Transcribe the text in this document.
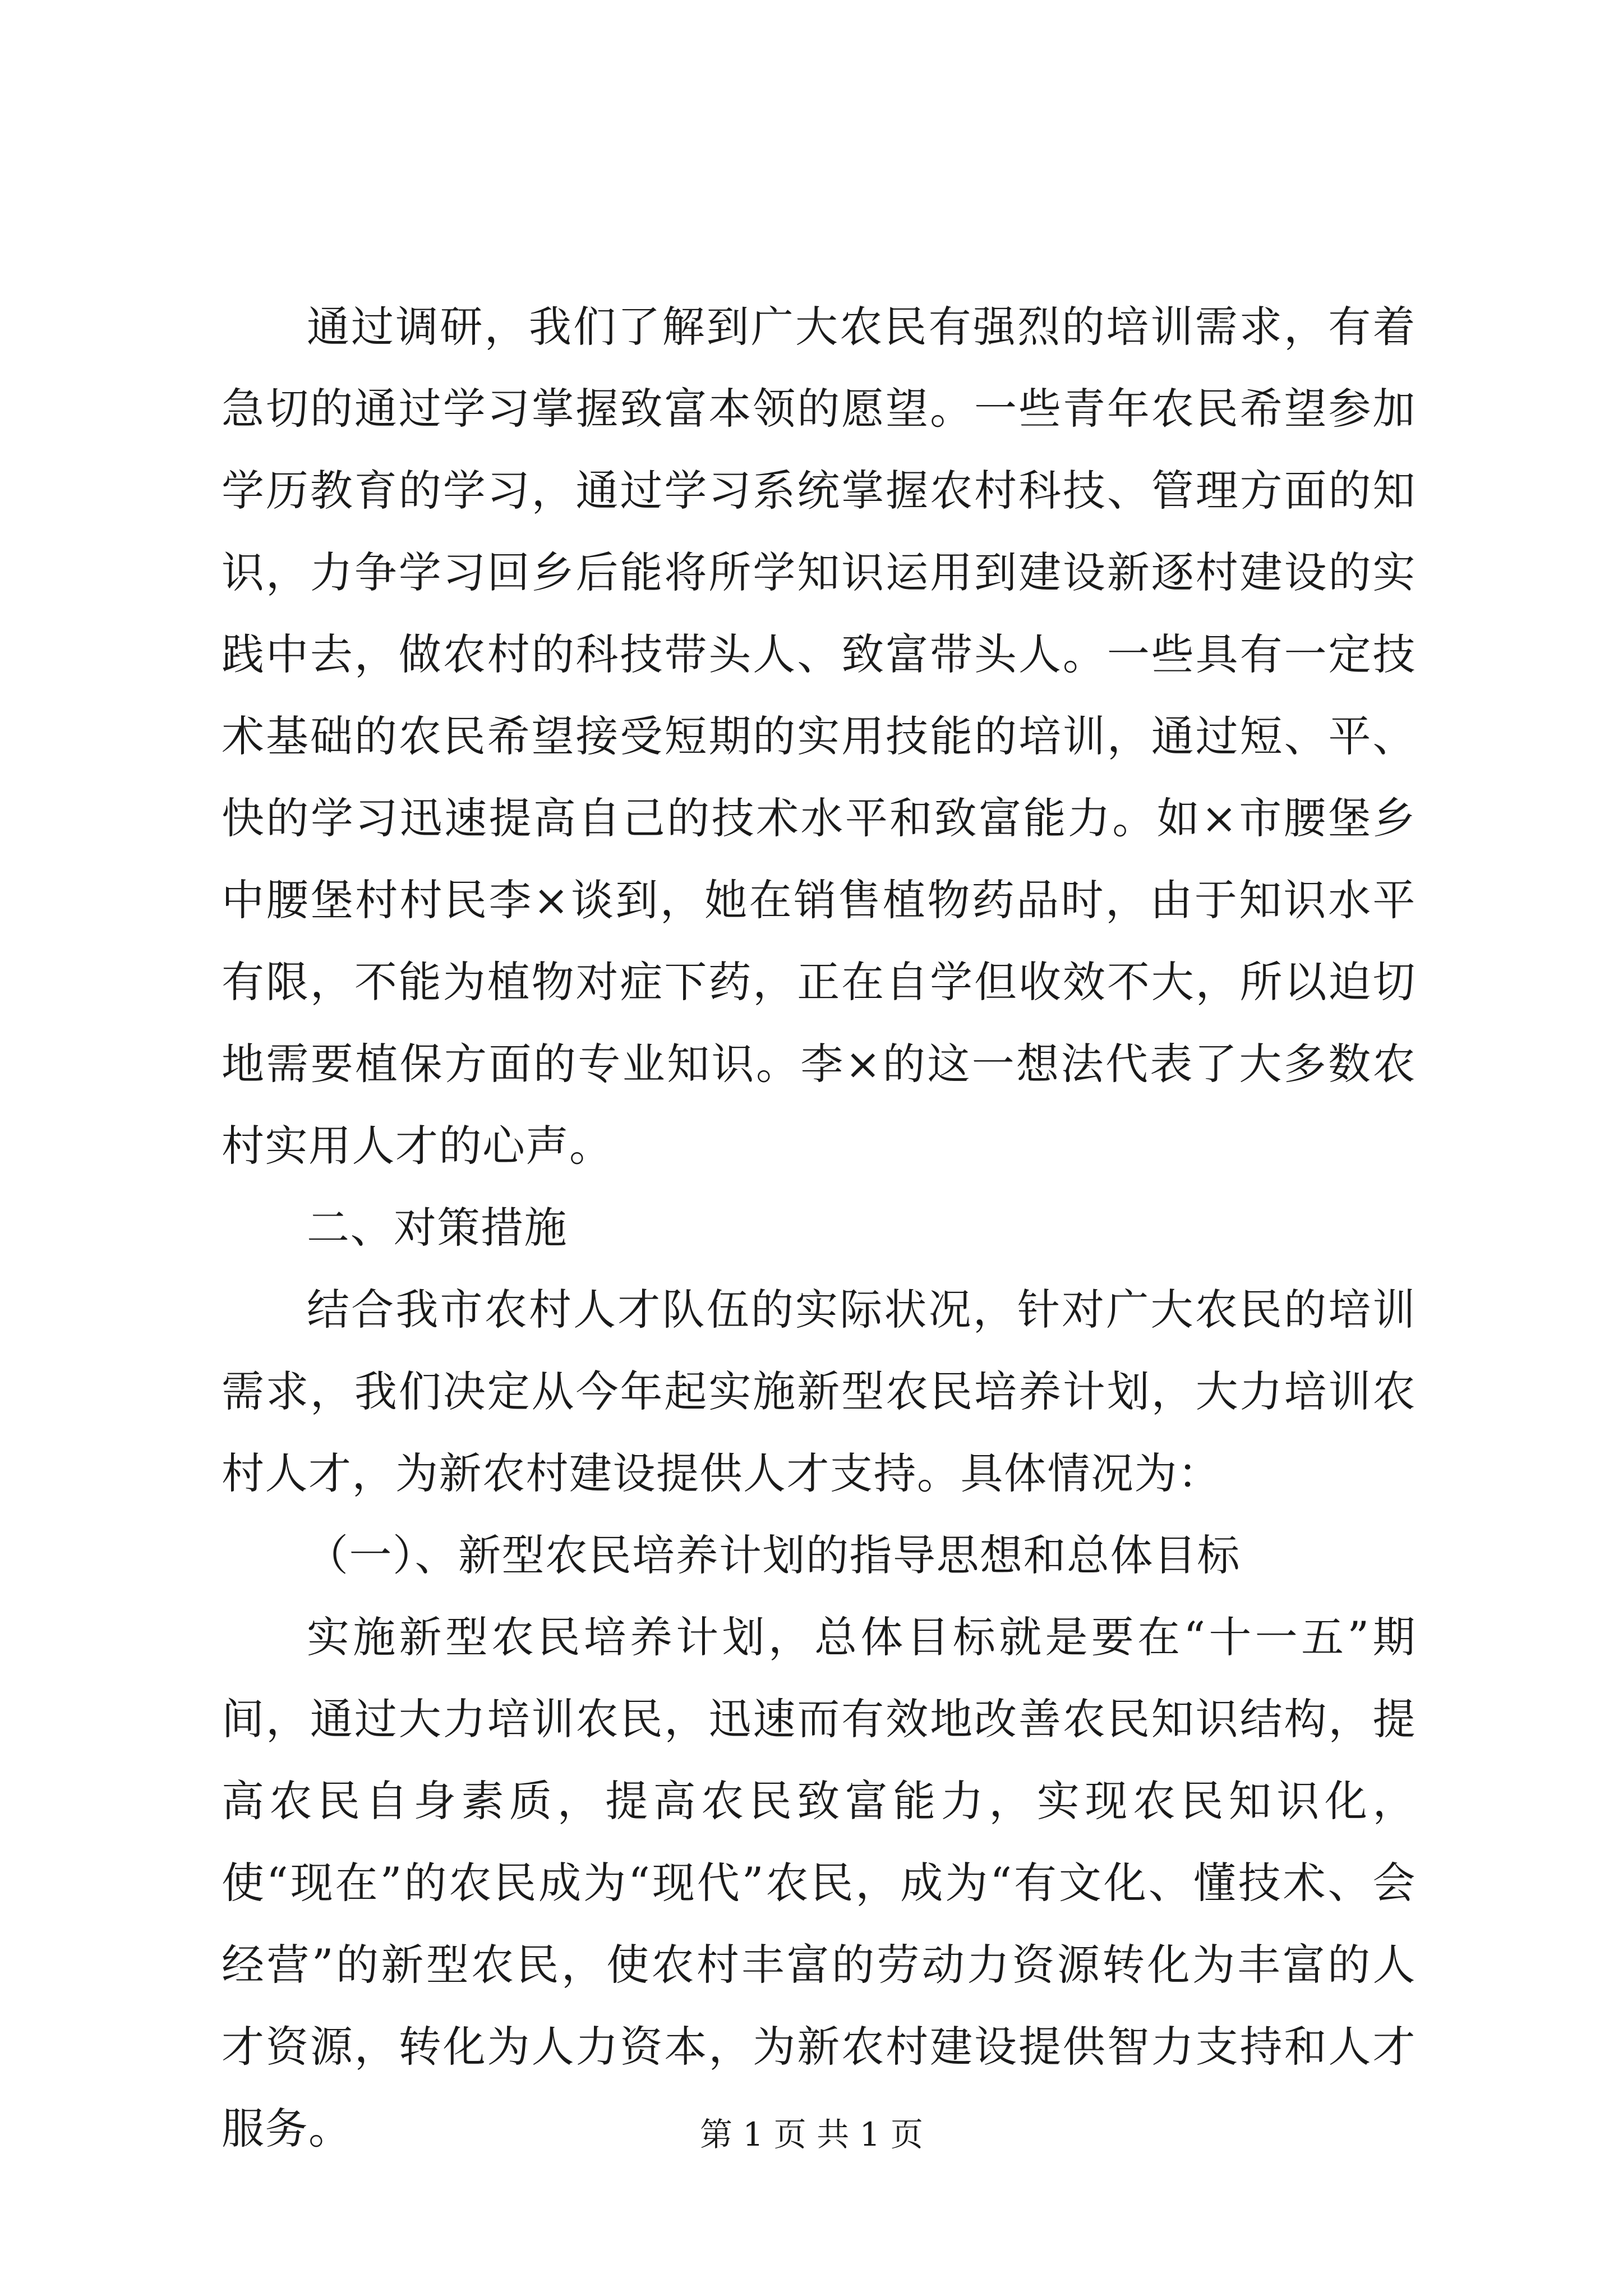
通过调研，我们了解到广大农民有强烈的培训需求，有着急切的通过学习掌握致富本领的愿望。一些青年农民希望参加学历教育的学习，通过学习系统掌握农村科技、管理方面的知识，力争学习回乡后能将所学知识运用到建设新逐村建设的实践中去，做农村的科技带头人、致富带头人。一些具有一定技术基础的农民希望接受短期的实用技能的培训，通过短、平、快的学习迅速提高自己的技术水平和致富能力。如×市腰堡乡中腰堡村村民李×谈到，她在销售植物药品时，由于知识水平有限，不能为植物对症下药，正在自学但收效不大，所以迫切地需要植保方面的专业知识。李×的这一想法代表了大多数农村实用人才的心声。

二、对策措施

结合我市农村人才队伍的实际状况，针对广大农民的培训需求，我们决定从今年起实施新型农民培养计划，大力培训农村人才，为新农村建设提供人才支持。具体情况为：

（一）、新型农民培养计划的指导思想和总体目标

实施新型农民培养计划，总体目标就是要在“十一五”期间，通过大力培训农民，迅速而有效地改善农民知识结构，提高农民自身素质，提高农民致富能力，实现农民知识化，使“现在”的农民成为“现代”农民，成为“有文化、懂技术、会经营”的新型农民，使农村丰富的劳动力资源转化为丰富的人才资源，转化为人力资本，为新农村建设提供智力支持和人才服务。	第 1 页 共 1 页
